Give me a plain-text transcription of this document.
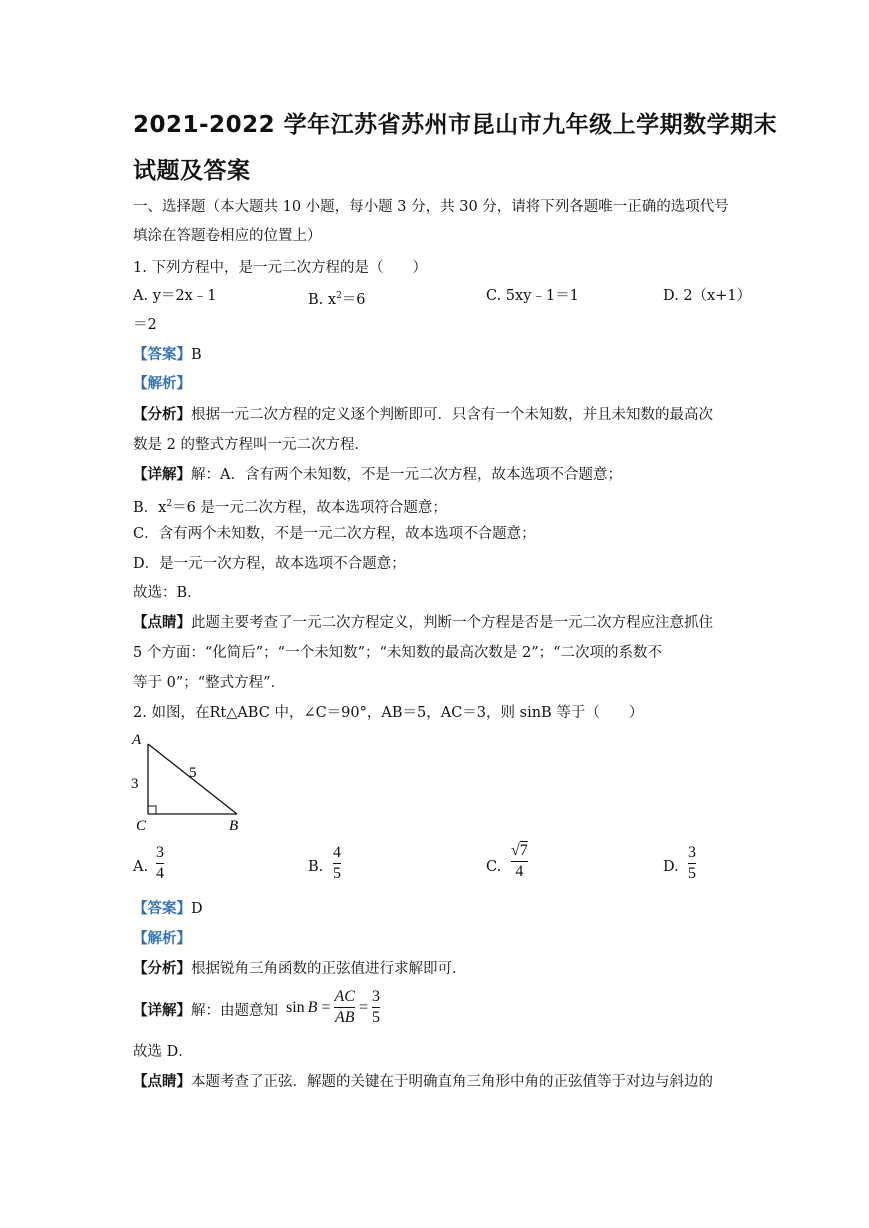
2021-2022 学年江苏省苏州市昆山市九年级上学期数学期末
试题及答案
一、选择题（本大题共 10 小题，每小题 3 分，共 30 分，请将下列各题唯一正确的选项代号
填涂在答题卷相应的位置上）
1. 下列方程中，是一元二次方程的是（　　）
A. y＝2x﹣1	B. $x^2=6$	C. 5xy﹣1＝1	D. 2（x+1）
＝2
【答案】B
【解析】
【分析】根据一元二次方程的定义逐个判断即可．只含有一个未知数，并且未知数的最高次
数是 2 的整式方程叫一元二次方程．
【详解】解：A．含有两个未知数，不是一元二次方程，故本选项不合题意；
B．$x^2=6$ 是一元二次方程，故本选项符合题意；
C．含有两个未知数，不是一元二次方程，故本选项不合题意；
D．是一元一次方程，故本选项不合题意；
故选：B．
【点睛】此题主要考查了一元二次方程定义，判断一个方程是否是一元二次方程应注意抓住
5 个方面：“化简后”；“一个未知数”；“未知数的最高次数是 2”；“二次项的系数不
等于 0”；“整式方程”．
2. 如图，在Rt△ABC 中，∠C＝90°，AB＝5，AC＝3，则 sinB 等于（　　）
A
C	B
3
5
A.
3
4	B.
4
5	C.
√7
4	D.
3
5
【答案】D
【解析】
【分析】根据锐角三角函数的正弦值进行求解即可．
【详解】解：由题意知 sin B =
AC
AB
=
3
5
故选 D．
【点睛】本题考查了正弦．解题的关键在于明确直角三角形中角的正弦值等于对边与斜边的
